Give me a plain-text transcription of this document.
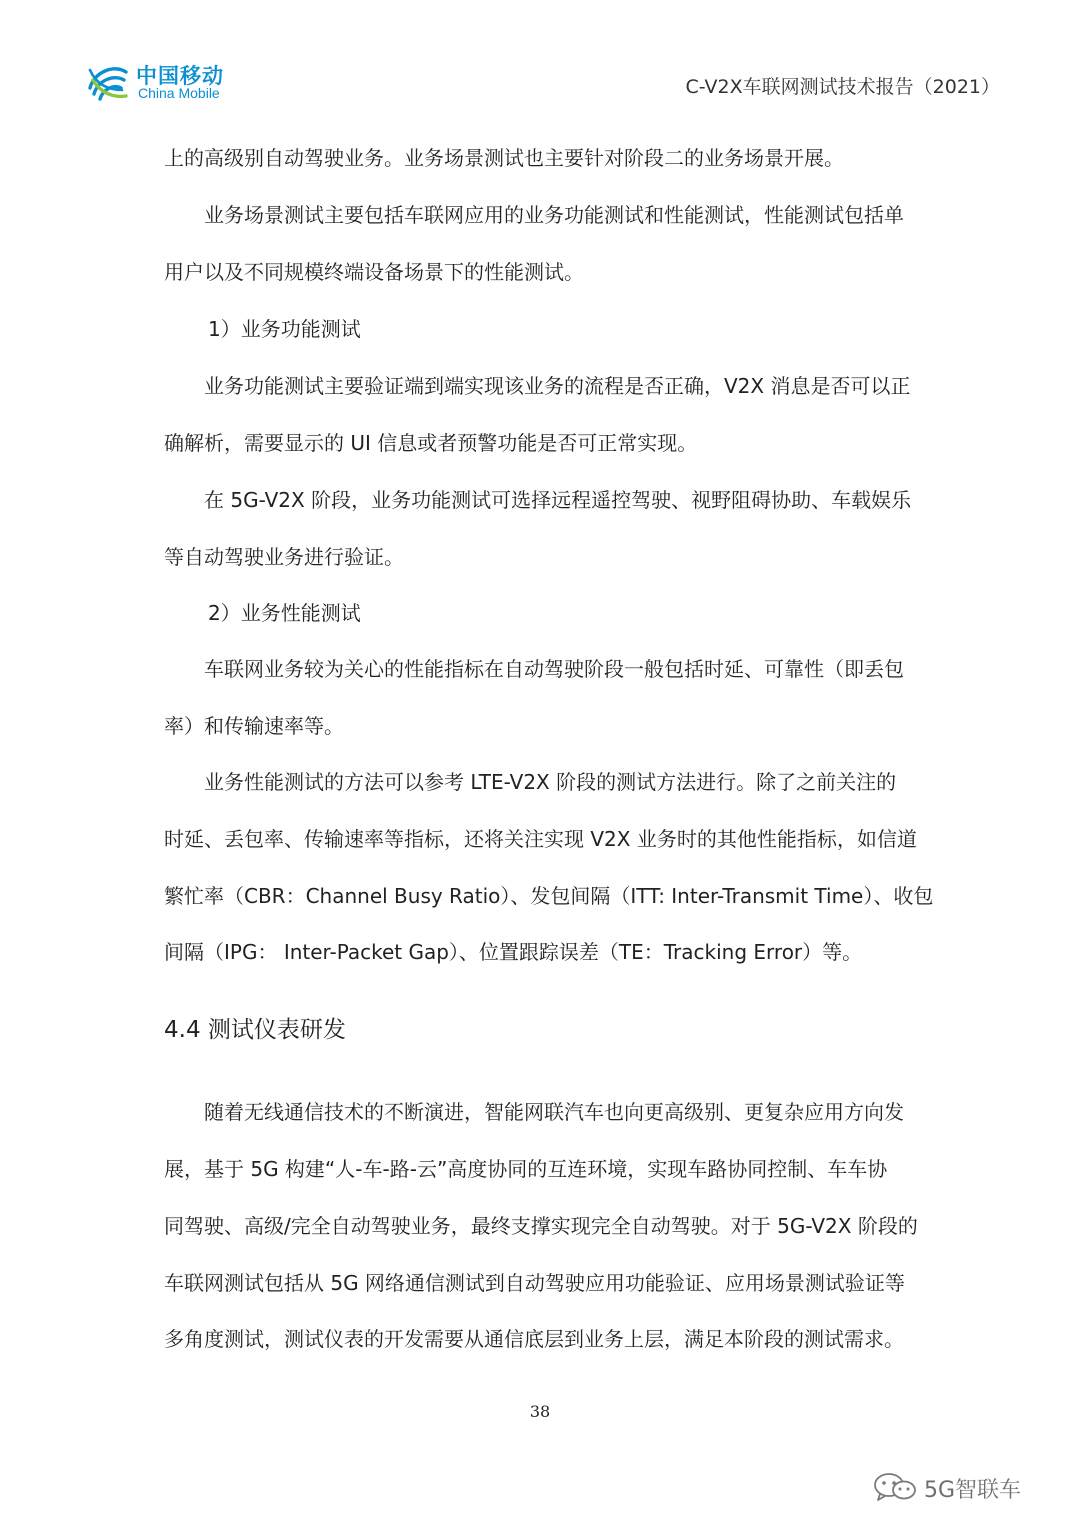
中国移动
China Mobile	C-V2X车联网测试技术报告（2021）
上的高级别自动驾驶业务。业务场景测试也主要针对阶段二的业务场景开展。
业务场景测试主要包括车联网应用的业务功能测试和性能测试，性能测试包括单
用户以及不同规模终端设备场景下的性能测试。
1）业务功能测试
业务功能测试主要验证端到端实现该业务的流程是否正确，V2X 消息是否可以正
确解析，需要显示的 UI 信息或者预警功能是否可正常实现。
在 5G-V2X 阶段，业务功能测试可选择远程遥控驾驶、视野阻碍协助、车载娱乐
等自动驾驶业务进行验证。
2）业务性能测试
车联网业务较为关心的性能指标在自动驾驶阶段一般包括时延、可靠性（即丢包
率）和传输速率等。
业务性能测试的方法可以参考 LTE-V2X 阶段的测试方法进行。除了之前关注的
时延、丢包率、传输速率等指标，还将关注实现 V2X 业务时的其他性能指标，如信道
繁忙率（CBR：Channel Busy Ratio）、发包间隔（ITT: Inter-Transmit Time）、收包
间隔（IPG： Inter-Packet Gap）、位置跟踪误差（TE：Tracking Error）等。
4.4 测试仪表研发
随着无线通信技术的不断演进，智能网联汽车也向更高级别、更复杂应用方向发
展，基于 5G 构建“人-车-路-云”高度协同的互连环境，实现车路协同控制、车车协
同驾驶、高级/完全自动驾驶业务，最终支撑实现完全自动驾驶。对于 5G-V2X 阶段的
车联网测试包括从 5G 网络通信测试到自动驾驶应用功能验证、应用场景测试验证等
多角度测试，测试仪表的开发需要从通信底层到业务上层，满足本阶段的测试需求。
38
5G智联车
